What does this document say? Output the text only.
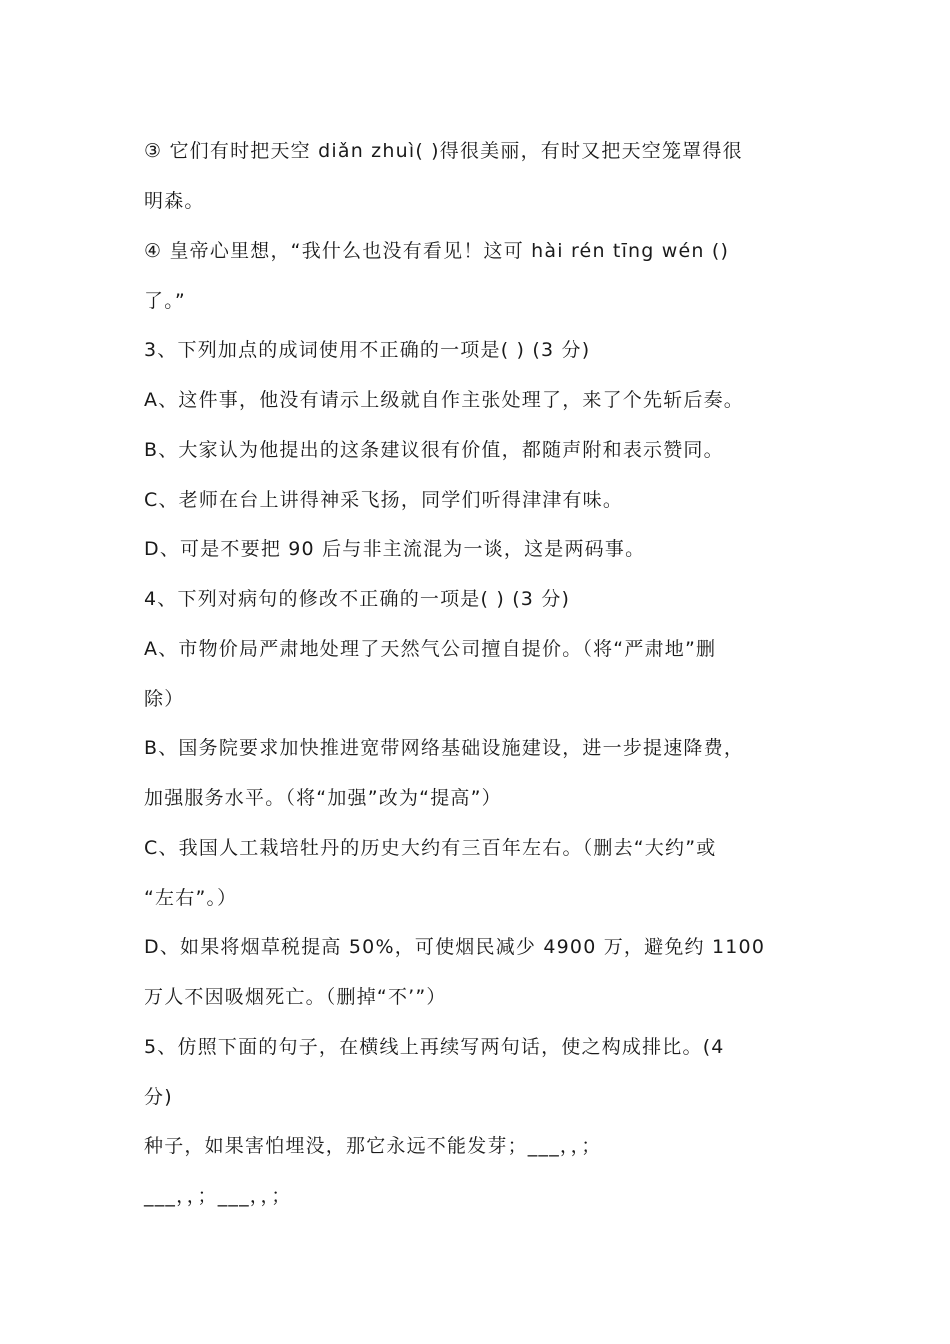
③ 它们有时把天空 diǎn zhuì( )得很美丽，有时又把天空笼罩得很
明森。
④ 皇帝心里想，“我什么也没有看见！这可 hài rén tīng wén ()
了。”
3、下列加点的成词使用不正确的一项是( ) (3 分)
A、这件事，他没有请示上级就自作主张处理了，来了个先斩后奏。
B、大家认为他提出的这条建议很有价值，都随声附和表示赞同。
C、老师在台上讲得神采飞扬，同学们听得津津有味。
D、可是不要把 90 后与非主流混为一谈，这是两码事。
4、下列对病句的修改不正确的一项是( ) (3 分)
A、市物价局严肃地处理了天然气公司擅自提价。（将“严肃地”删
除）
B、国务院要求加快推进宽带网络基础设施建设，进一步提速降费，
加强服务水平。（将“加强”改为“提高”）
C、我国人工栽培牡丹的历史大约有三百年左右。（删去“大约”或
“左右”。）
D、如果将烟草税提高 50%，可使烟民减少 4900 万，避免约 1100
万人不因吸烟死亡。（删掉“不’”）
5、仿照下面的句子，在横线上再续写两句话，使之构成排比。(4
分)
种子，如果害怕埋没，那它永远不能发芽；___，，；
___，，；___，，；
